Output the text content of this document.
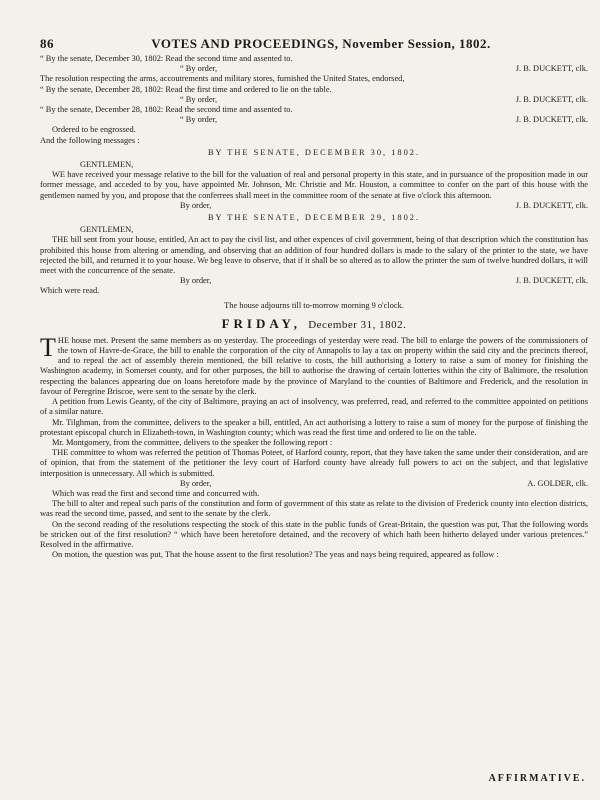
86	VOTES AND PROCEEDINGS, November Session, 1802.
“ By the senate, December 30, 1802: Read the second time and assented to.
“ By order,	J. B. DUCKETT, clk.
The resolution respecting the arms, accoutrements and military stores, furnished the United States, endorsed,
“ By the senate, December 28, 1802: Read the first time and ordered to lie on the table.
“ By order,	J. B. DUCKETT, clk.
“ By the senate, December 28, 1802: Read the second time and assented to.
“ By order,	J. B. DUCKETT, clk.
Ordered to be engrossed.
And the following messages :
BY THE SENATE, DECEMBER 30, 1802.
GENTLEMEN,
WE have received your message relative to the bill for the valuation of real and personal property in this state, and in pursuance of the proposition made in our former message, and acceded to by you, have appointed Mr. Johnson, Mr. Christie and Mr. Houston, a committee to confer on the part of this house with the gentlemen named by you, and propose that the conferrees shall meet in the committee room of the senate at five o'clock this afternoon.
By order,	J. B. DUCKETT, clk.
BY THE SENATE, DECEMBER 29, 1802.
GENTLEMEN,
THE bill sent from your house, entitled, An act to pay the civil list, and other expences of civil government, being of that description which the constitution has prohibited this house from altering or amending, and observing that an addition of four hundred dollars is made to the salary of the printer to the state, we have rejected the bill, and returned it to your house. We beg leave to observe, that if it shall be so altered as to allow the printer the sum of twelve hundred dollars, it will meet with the concurrence of the senate.
By order,	J. B. DUCKETT, clk.
Which were read.
The house adjourns till to-morrow morning 9 o'clock.
FRIDAY, December 31, 1802.
THE house met. Present the same members as on yesterday. The proceedings of yesterday were read. The bill to enlarge the powers of the commissioners of the town of Havre-de-Grace, the bill to enable the corporation of the city of Annapolis to lay a tax on property within the said city and the precincts thereof, and to repeal the act of assembly therein mentioned, the bill relative to costs, the bill authorising a lottery to raise a sum of money for finishing the Washington academy, in Somerset county, and for other purposes, the bill to authorise the drawing of certain lotteries within the city of Baltimore, the resolution respecting the balances appearing due on loans heretofore made by the province of Maryland to the counties of Baltimore and Frederick, and the resolution in favour of Peregrine Briscoe, were sent to the senate by the clerk.
A petition from Lewis Geanty, of the city of Baltimore, praying an act of insolvency, was preferred, read, and referred to the committee appointed on petitions of a similar nature.
Mr. Tilghman, from the committee, delivers to the speaker a bill, entitled, An act authorising a lottery to raise a sum of money for the purpose of finishing the protestant episcopal church in Elizabeth-town, in Washington county; which was read the first time and ordered to lie on the table.
Mr. Montgomery, from the committee, delivers to the speaker the following report :
THE committee to whom was referred the petition of Thomas Poteet, of Harford county, report, that they have taken the same under their consideration, and are of opinion, that from the statement of the petitioner the levy court of Harford county have already full powers to act on the subject, and that legislative interposition is unnecessary. All which is submitted.
By order,	A. GOLDER, clk.
Which was read the first and second time and concurred with.
The bill to alter and repeal such parts of the constitution and form of government of this state as relate to the division of Frederick county into election districts, was read the second time, passed, and sent to the senate by the clerk.
On the second reading of the resolutions respecting the stock of this state in the public funds of Great-Britain, the question was put, That the following words be stricken out of the first resolution? “ which have been heretofore detained, and the recovery of which hath been hitherto delayed under various pretences.” Resolved in the affirmative.
On motion, the question was put, That the house assent to the first resolution? The yeas and nays being required, appeared as follow :
AFFIRMATIVE.
